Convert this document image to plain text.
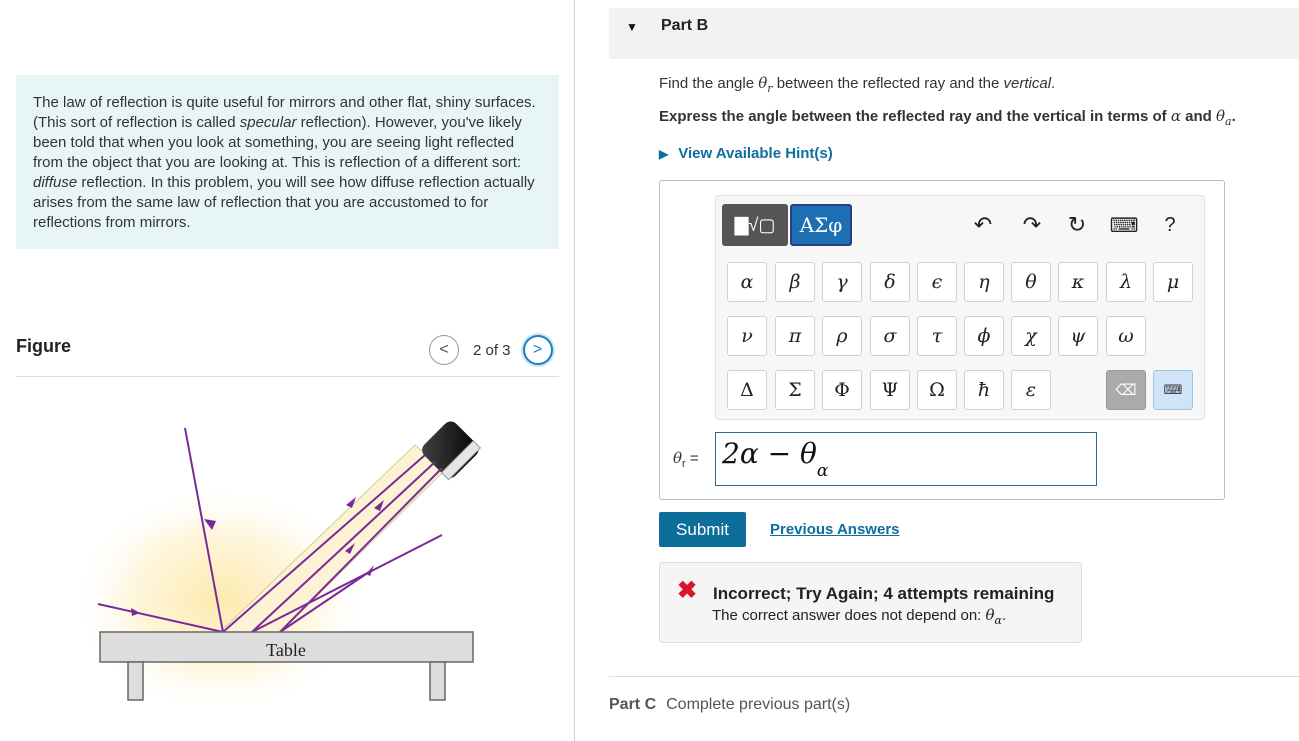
The law of reflection is quite useful for mirrors and other flat, shiny surfaces. (This sort of reflection is called specular reflection). However, you've likely been told that when you look at something, you are seeing light reflected from the object that you are looking at. This is reflection of a different sort: diffuse reflection. In this problem, you will see how diffuse reflection actually arises from the same law of reflection that you are accustomed to for reflections from mirrors.
Figure	< 2 of 3 >
Table
▼ Part B
Find the angle $\theta_r$ between the reflected ray and the vertical.
Express the angle between the reflected ray and the vertical in terms of α and $\theta_a$.
▶ View Available Hint(s)
▇√▢	ΑΣφ	↶	↷	↻	⌨	?
α	β	γ	δ	ϵ	η	θ	κ	λ	μ
ν	π	ρ	σ	τ	ϕ	χ	ψ	ω
Δ	Σ	Φ	Ψ	Ω	ħ	ε	⌫	⌨
$\theta_r = 2\alpha - \theta$
$_\alpha$
Submit	Previous Answers
✖ Incorrect; Try Again; 4 attempts remaining
The correct answer does not depend on: $\theta_\alpha$.
Part C Complete previous part(s)
